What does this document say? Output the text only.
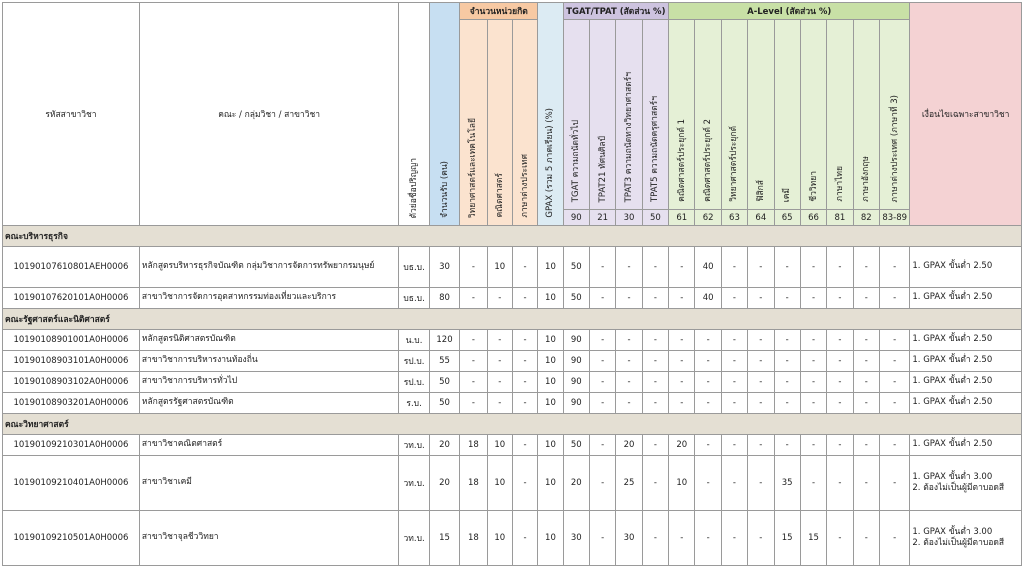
รหัสสาขาวิชา	คณะ / กลุ่มวิชา / สาขาวิชา	ตัวย่อชื่อปริญญา	จำนวนรับ (คน)	จำนวนหน่วยกิต			GPAX (รวม 5 ภาคเรียน) (%)	TGAT/TPAT (สัดส่วน %)				A-Level (สัดส่วน %)									เงื่อนไขเฉพาะสาขาวิชา
				วิทยาศาสตร์และเทคโนโลยี	คณิตศาสตร์	ภาษาต่างประเทศ		TGAT ความถนัดทั่วไป	TPAT21 ทัศนศิลป์	TPAT3 ความถนัดทางวิทยาศาสตร์ฯ	TPAT5 ความถนัดครุศาสตร์ฯ	คณิตศาสตร์ประยุกต์ 1	คณิตศาสตร์ประยุกต์ 2	วิทยาศาสตร์ประยุกต์	ฟิสิกส์	เคมี	ชีววิทยา	ภาษาไทย	ภาษาอังกฤษ	ภาษาต่างประเทศ (ภาษาที่ 3)	
								90	21	30	50	61	62	63	64	65	66	81	82	83-89	
คณะบริหารธุรกิจ																					
10190107610801AEH0006	หลักสูตรบริหารธุรกิจบัณฑิต กลุ่มวิชาการจัดการทรัพยากรมนุษย์	บธ.บ.	30	-	10	-	10	50	-	-	-	-	40	-	-	-	-	-	-	-	1. GPAX ขั้นต่ำ 2.50
10190107620101A0H0006	สาขาวิชาการจัดการอุตสาหกรรมท่องเที่ยวและบริการ	บธ.บ.	80	-	-	-	10	50	-	-	-	-	40	-	-	-	-	-	-	-	1. GPAX ขั้นต่ำ 2.50
คณะรัฐศาสตร์และนิติศาสตร์																					
10190108901001A0H0006	หลักสูตรนิติศาสตรบัณฑิต	น.บ.	120	-	-	-	10	90	-	-	-	-	-	-	-	-	-	-	-	-	1. GPAX ขั้นต่ำ 2.50
10190108903101A0H0006	สาขาวิชาการบริหารงานท้องถิ่น	รป.บ.	55	-	-	-	10	90	-	-	-	-	-	-	-	-	-	-	-	-	1. GPAX ขั้นต่ำ 2.50
10190108903102A0H0006	สาขาวิชาการบริหารทั่วไป	รป.บ.	50	-	-	-	10	90	-	-	-	-	-	-	-	-	-	-	-	-	1. GPAX ขั้นต่ำ 2.50
10190108903201A0H0006	หลักสูตรรัฐศาสตรบัณฑิต	ร.บ.	50	-	-	-	10	90	-	-	-	-	-	-	-	-	-	-	-	-	1. GPAX ขั้นต่ำ 2.50
คณะวิทยาศาสตร์																					
10190109210301A0H0006	สาขาวิชาคณิตศาสตร์	วท.บ.	20	18	10	-	10	50	-	20	-	20	-	-	-	-	-	-	-	-	1. GPAX ขั้นต่ำ 2.50
10190109210401A0H0006	สาขาวิชาเคมี	วท.บ.	20	18	10	-	10	20	-	25	-	10	-	-	-	35	-	-	-	-	1. GPAX ขั้นต่ำ 3.00
2. ต้องไม่เป็นผู้มีตาบอดสี
10190109210501A0H0006	สาขาวิชาจุลชีววิทยา	วท.บ.	15	18	10	-	10	30	-	30	-	-	-	-	-	15	15	-	-	-	1. GPAX ขั้นต่ำ 3.00
2. ต้องไม่เป็นผู้มีตาบอดสี
